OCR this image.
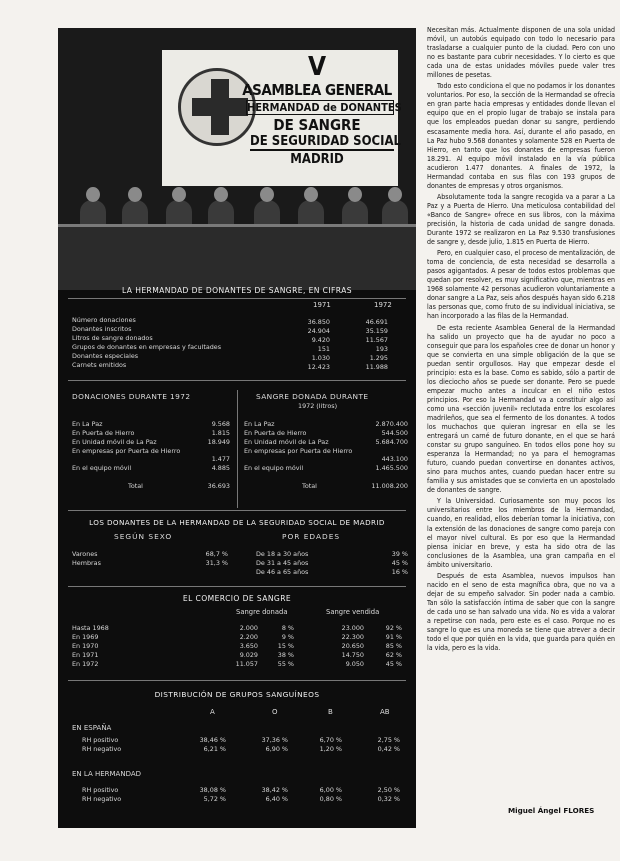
V
ASAMBLEA GENERAL
HERMANDAD de DONANTES
DE SANGRE
DE SEGURIDAD SOCIAL
MADRID
LA HERMANDAD DE DONANTES DE SANGRE, EN CIFRAS
1971	1972
Número donaciones	36.850	46.691
Donantes inscritos	24.904	35.159
Litros de sangre donados	9.420	11.567
Grupos de donantes en empresas y facultades	151	193
Donantes especiales	1.030	1.295
Carnets emitidos	12.423	11.988
DONACIONES DURANTE 1972	SANGRE DONADA DURANTE
1972 (litros)
En La Paz	9.568
En Puerta de Hierro	1.815
En Unidad móvil de La Paz	18.949
En empresas por Puerta de Hierro
1.477
En el equipo móvil	4.885
Total	36.693
En La Paz	2.870.400
En Puerta de Hierro	544.500
En Unidad móvil de La Paz	5.684.700
En empresas por Puerta de Hierro
443.100
En el equipo móvil	1.465.500
Total	11.008.200
LOS DONANTES DE LA HERMANDAD DE LA SEGURIDAD SOCIAL DE MADRID
SEGÚN SEXO	POR EDADES
Varones	68,7 %
Hembras	31,3 %
De 18 a 30 años	39 %
De 31 a 45 años	45 %
De 46 a 65 años	16 %
EL COMERCIO DE SANGRE
Sangre donada	Sangre vendida
Hasta 1968	2.000	8 %	23.000	92 %
En 1969	2.200	9 %	22.300	91 %
En 1970	3.650	15 %	20.650	85 %
En 1971	9.029	38 %	14.750	62 %
En 1972	11.057	55 %	9.050	45 %
DISTRIBUCIÓN DE GRUPOS SANGUÍNEOS
A	O	B	AB
EN ESPAÑA
RH positivo	38,46 %	37,36 %	6,70 %	2,75 %
RH negativo	6,21 %	6,90 %	1,20 %	0,42 %
EN LA HERMANDAD
RH positivo	38,08 %	38,42 %	6,00 %	2,50 %
RH negativo	5,72 %	6,40 %	0,80 %	0,32 %

Necesitan más. Actualmente disponen de una sola unidad móvil, un autobús equipado con todo lo necesario para trasladarse a cualquier punto de la ciudad. Pero con uno no es bastante para cubrir necesidades. Y lo cierto es que cada una de estas unidades móviles puede valer tres millones de pesetas.

Todo esto condiciona el que no podamos ir los donantes voluntarios. Por eso, la sección de la Hermandad se ofrecía en gran parte hacia empresas y entidades donde llevan el equipo que en el propio lugar de trabajo se instala para que los empleados puedan donar su sangre, perdiendo escasamente media hora. Así, durante el año pasado, en La Paz hubo 9.568 donantes y solamente 528 en Puerta de Hierro, en tanto que los donantes de empresas fueron 18.291. Al equipo móvil instalado en la vía pública acudieron 1.477 donantes. A finales de 1972, la Hermandad contaba en sus filas con 193 grupos de donantes de empresas y otros organismos.

Absolutamente toda la sangre recogida va a parar a La Paz y a Puerta de Hierro. Una meticulosa contabilidad del «Banco de Sangre» ofrece en sus libros, con la máxima precisión, la historia de cada unidad de sangre donada. Durante 1972 se realizaron en La Paz 9.530 transfusiones de sangre y, desde julio, 1.815 en Puerta de Hierro.

Pero, en cualquier caso, el proceso de mentalización, de toma de conciencia, de esta necesidad se desarrolla a pasos agigantados. A pesar de todos estos problemas que quedan por resolver, es muy significativo que, mientras en 1968 solamente 42 personas acudieron voluntariamente a donar sangre a La Paz, seis años después hayan sido 6.218 las personas que, como fruto de su individual iniciativa, se han incorporado a las filas de la Hermandad.

De esta reciente Asamblea General de la Hermandad ha salido un proyecto que ha de ayudar no poco a conseguir que para los españoles cree de donar un honor y que se convierta en una simple obligación de la que se puedan sentir orgullosos. Hay que empezar desde el principio: esta es la base. Como es sabido, sólo a partir de los dieciocho años se puede ser donante. Pero se puede empezar mucho antes a inculcar en el niño estos principios. Por eso la Hermandad va a constituir algo así como una «sección juvenil» reclutada entre los escolares madrileños, que sea el fermento de los donantes. A todos los muchachos que quieran ingresar en ella se les entregará un carné de futuro donante, en el que se hará constar su grupo sanguíneo. En todos ellos pone hoy su esperanza la Hermandad; no ya para el hemogramas futuro, cuando puedan convertirse en donantes activos, sino para muchos antes, cuando puedan hacer entre su familia y sus amistades que se convierta en un apostolado de donantes de sangre.

Y la Universidad. Curiosamente son muy pocos los universitarios entre los miembros de la Hermandad, cuando, en realidad, ellos deberían tomar la iniciativa, con la extensión de las donaciones de sangre como pareja con el mayor nivel cultural. Es por eso que la Hermandad piensa iniciar en breve, y esta ha sido otra de las conclusiones de la Asamblea, una gran campaña en el ámbito universitario.

Después de esta Asamblea, nuevos impulsos han nacido en el seno de esta magnífica obra, que no va a dejar de su empeño salvador. Sin poder nada a cambio. Tan sólo la satisfacción íntima de saber que con la sangre de cada uno se han salvado una vida. No es vida a valorar a repetirse con nada, pero este es el caso. Porque no es sangre lo que es una moneda se tiene que atrever a decir todo el que por quién en la vida, que guarda para quién en la vida, pero es la vida.

Miguel Ángel FLORES
